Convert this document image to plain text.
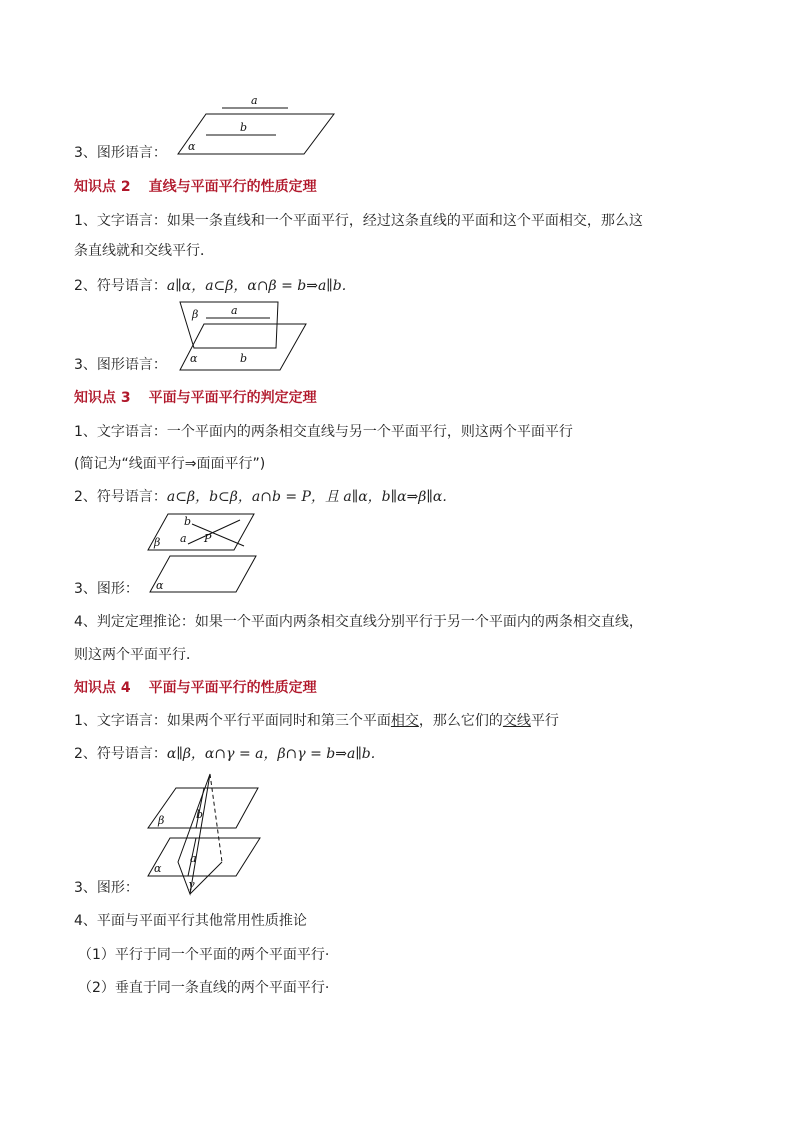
a
b
α
3、图形语言：
知识点 2 直线与平面平行的性质定理
1、文字语言：如果一条直线和一个平面平行，经过这条直线的平面和这个平面相交，那么这
条直线就和交线平行．
2、符号语言：a∥α，a⊂β，α∩β = b⇒a∥b.
a
β
α	b
3、图形语言：
知识点 3 平面与平面平行的判定定理
1、文字语言：一个平面内的两条相交直线与另一个平面平行，则这两个平面平行
(简记为“线面平行⇒面面平行”)
2、符号语言：a⊂β，b⊂β，a∩b = P，且 a∥α，b∥α⇒β∥α.
b
a P
β
α
3、图形：
4、判定定理推论：如果一个平面内两条相交直线分别平行于另一个平面内的两条相交直线，
则这两个平面平行．
知识点 4 平面与平面平行的性质定理
1、文字语言：如果两个平行平面同时和第三个平面相交，那么它们的交线平行
2、符号语言：α∥β，α∩γ = a，β∩γ = b⇒a∥b.
β	b
a
α
γ
3、图形：
4、平面与平面平行其他常用性质推论
（1）平行于同一个平面的两个平面平行·
（2）垂直于同一条直线的两个平面平行·
